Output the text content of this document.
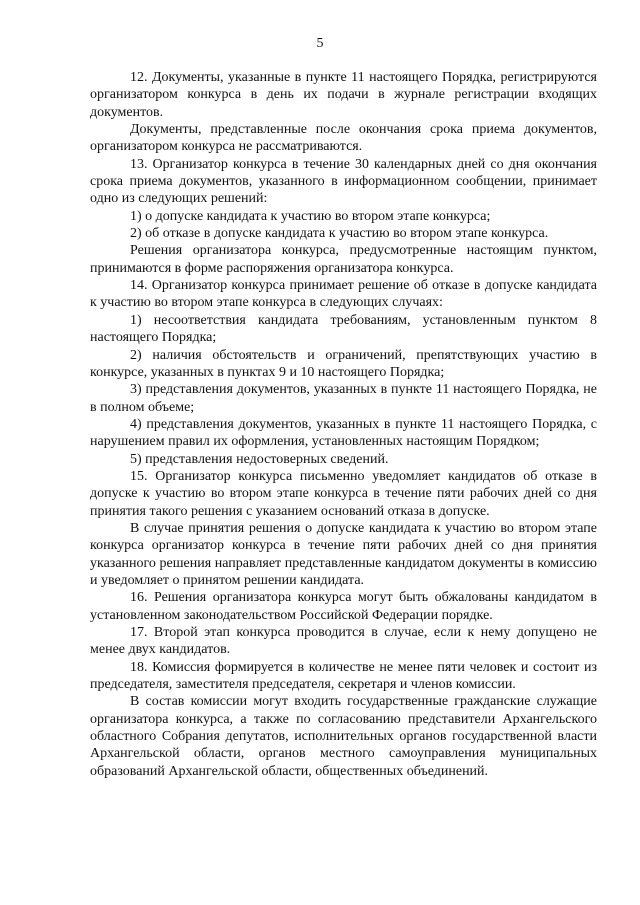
5

12. Документы, указанные в пункте 11 настоящего Порядка, регистрируются организатором конкурса в день их подачи в журнале регистрации входящих документов.

Документы, представленные после окончания срока приема документов, организатором конкурса не рассматриваются.

13. Организатор конкурса в течение 30 календарных дней со дня окончания срока приема документов, указанного в информационном сообщении, принимает одно из следующих решений:

1) о допуске кандидата к участию во втором этапе конкурса;

2) об отказе в допуске кандидата к участию во втором этапе конкурса.

Решения организатора конкурса, предусмотренные настоящим пунктом, принимаются в форме распоряжения организатора конкурса.

14. Организатор конкурса принимает решение об отказе в допуске кандидата к участию во втором этапе конкурса в следующих случаях:

1) несоответствия кандидата требованиям, установленным пунктом 8 настоящего Порядка;

2) наличия обстоятельств и ограничений, препятствующих участию в конкурсе, указанных в пунктах 9 и 10 настоящего Порядка;

3) представления документов, указанных в пункте 11 настоящего Порядка, не в полном объеме;

4) представления документов, указанных в пункте 11 настоящего Порядка, с нарушением правил их оформления, установленных настоящим Порядком;

5) представления недостоверных сведений.

15. Организатор конкурса письменно уведомляет кандидатов об отказе в допуске к участию во втором этапе конкурса в течение пяти рабочих дней со дня принятия такого решения с указанием оснований отказа в допуске.

В случае принятия решения о допуске кандидата к участию во втором этапе конкурса организатор конкурса в течение пяти рабочих дней со дня принятия указанного решения направляет представленные кандидатом документы в комиссию и уведомляет о принятом решении кандидата.

16. Решения организатора конкурса могут быть обжалованы кандидатом в установленном законодательством Российской Федерации порядке.

17. Второй этап конкурса проводится в случае, если к нему допущено не менее двух кандидатов.

18. Комиссия формируется в количестве не менее пяти человек и состоит из председателя, заместителя председателя, секретаря и членов комиссии.

В состав комиссии могут входить государственные гражданские служащие организатора конкурса, а также по согласованию представители Архангельского областного Собрания депутатов, исполнительных органов государственной власти Архангельской области, органов местного самоуправления муниципальных образований Архангельской области, общественных объединений.
